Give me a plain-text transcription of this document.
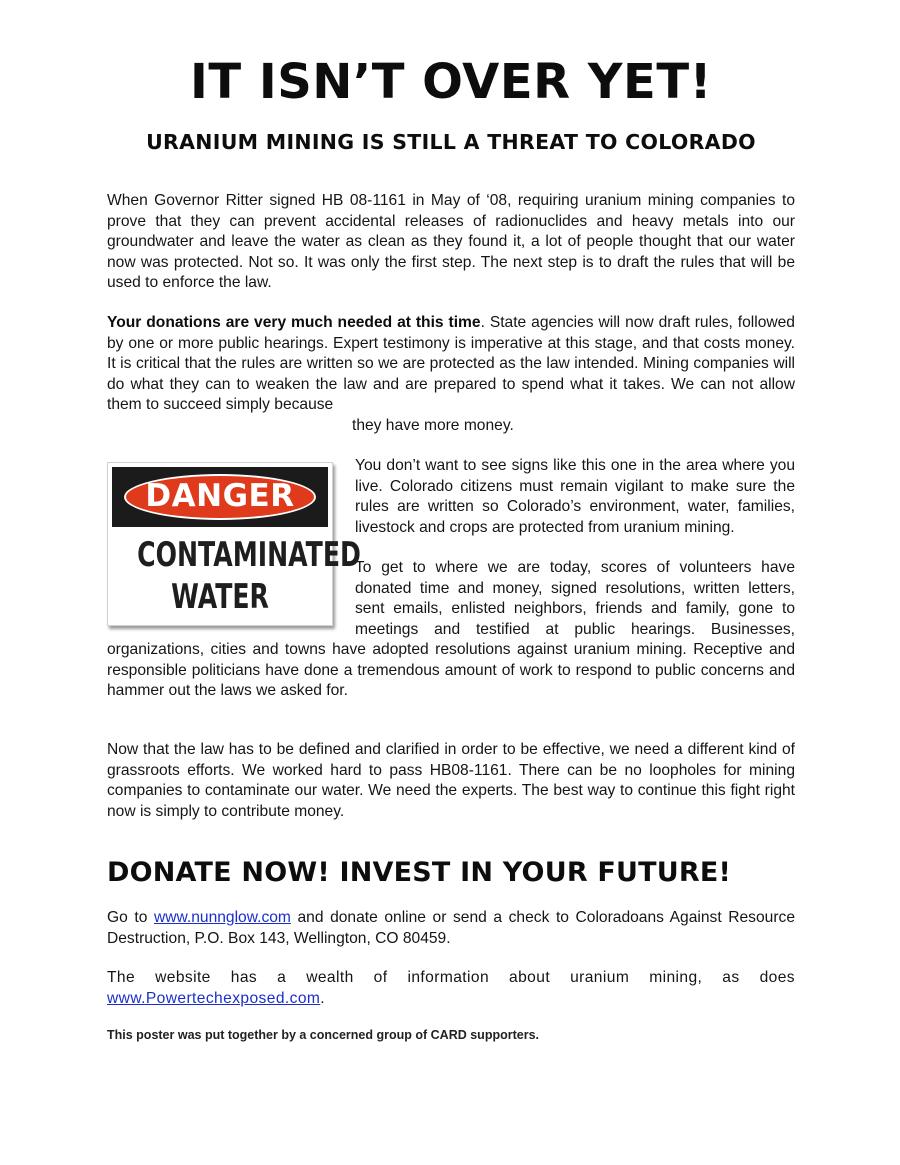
IT ISN’T OVER YET!
URANIUM MINING IS STILL A THREAT TO COLORADO

When Governor Ritter signed HB 08-1161 in May of ‘08, requiring uranium mining companies to prove that they can prevent accidental releases of radionuclides and heavy metals into our groundwater and leave the water as clean as they found it, a lot of people thought that our water now was protected. Not so. It was only the first step. The next step is to draft the rules that will be used to enforce the law.

Your donations are very much needed at this time. State agencies will now draft rules, followed by one or more public hearings. Expert testimony is imperative at this stage, and that costs money. It is critical that the rules are written so we are protected as the law intended. Mining companies will do what they can to weaken the law and are prepared to spend what it takes. We can not allow them to succeed simply because
they have more money.

DANGER
CONTAMINATED
WATER
You don’t want to see signs like this one in the area where you live. Colorado citizens must remain vigilant to make sure the rules are written so Colorado’s environment, water, families, livestock and crops are protected from uranium mining.
To get to where we are today, scores of volunteers have donated time and money, signed resolutions, written letters, sent emails, enlisted neighbors, friends and family, gone to meetings and testified at public hearings. Businesses, organizations, cities and towns have adopted resolutions against uranium mining. Receptive and responsible politicians have done a tremendous amount of work to respond to public concerns and hammer out the laws we asked for.

Now that the law has to be defined and clarified in order to be effective, we need a different kind of grassroots efforts. We worked hard to pass HB08-1161. There can be no loopholes for mining companies to contaminate our water. We need the experts. The best way to continue this fight right now is simply to contribute money.

DONATE NOW! INVEST IN YOUR FUTURE!

Go to www.nunnglow.com and donate online or send a check to Coloradoans Against Resource Destruction, P.O. Box 143, Wellington, CO 80459.

The website has a wealth of information about uranium mining, as does www.Powertechexposed.com.

This poster was put together by a concerned group of CARD supporters.
